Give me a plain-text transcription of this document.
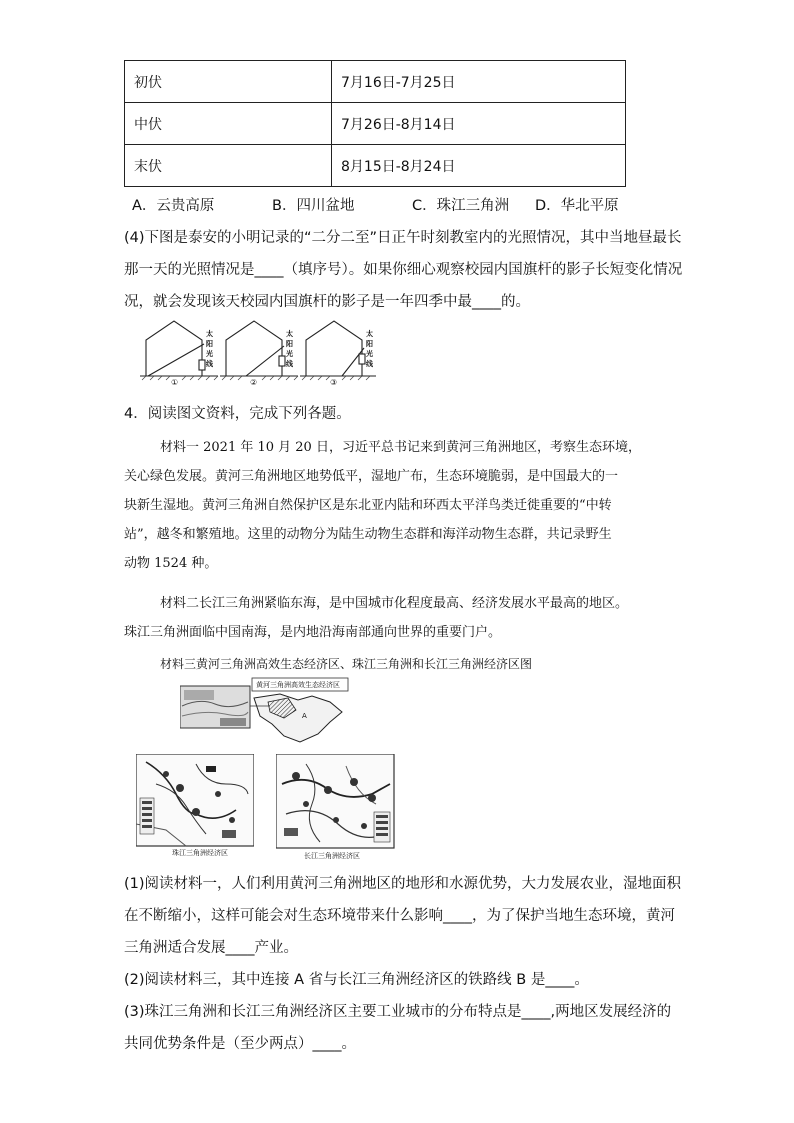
初伏	7月16日-7月25日
中伏	7月26日-8月14日
末伏	8月15日-8月24日
A．云贵高原	B．四川盆地	C．珠江三角洲 D．华北平原
(4)下图是泰安的小明记录的“二分二至”日正午时刻教室内的光照情况，其中当地昼最长
那一天的光照情况是____（填序号）。如果你细心观察校园内国旗杆的影子长短变化情况
况，就会发现该天校园内国旗杆的影子是一年四季中最____的。
太
阳
光
线
太
阳
光
线
太
阳
光
线
①	②	③
4．阅读图文资料，完成下列各题。
材料一 2021 年 10 月 20 日，习近平总书记来到黄河三角洲地区，考察生态环境，
关心绿色发展。黄河三角洲地区地势低平，湿地广布，生态环境脆弱，是中国最大的一
块新生湿地。黄河三角洲自然保护区是东北亚内陆和环西太平洋鸟类迁徙重要的“中转
站”，越冬和繁殖地。这里的动物分为陆生动物生态群和海洋动物生态群，共记录野生
动物 1524 种。
材料二长江三角洲紧临东海，是中国城市化程度最高、经济发展水平最高的地区。
珠江三角洲面临中国南海，是内地沿海南部通向世界的重要门户。
材料三黄河三角洲高效生态经济区、珠江三角洲和长江三角洲经济区图
黄河三角洲高效生态经济区
A
珠江三角洲经济区	长江三角洲经济区
(1)阅读材料一，人们利用黄河三角洲地区的地形和水源优势，大力发展农业，湿地面积
在不断缩小，这样可能会对生态环境带来什么影响____，为了保护当地生态环境，黄河
三角洲适合发展____产业。
(2)阅读材料三，其中连接 A 省与长江三角洲经济区的铁路线 B 是____。
(3)珠江三角洲和长江三角洲经济区主要工业城市的分布特点是____,两地区发展经济的
共同优势条件是（至少两点）____。
